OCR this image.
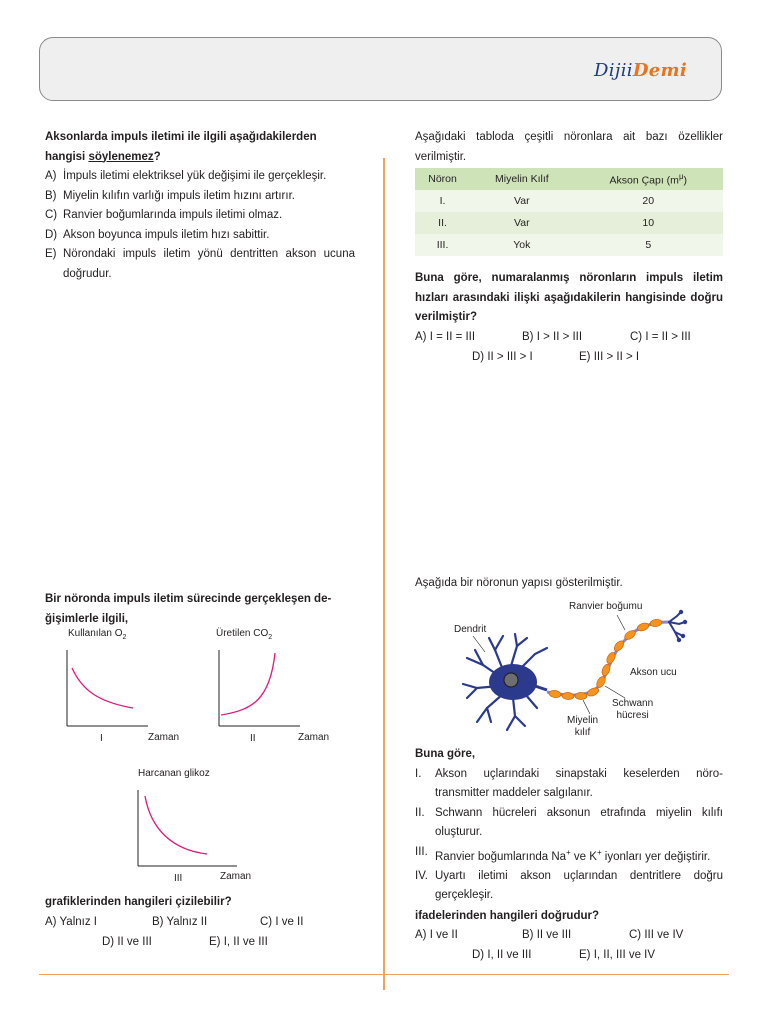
DijiiDemi
Aksonlarda impuls iletimi ile ilgili aşağıdakilerden
hangisi söylenemez?
A) İmpuls iletimi elektriksel yük değişimi ile gerçekleşir.
B) Miyelin kılıfın varlığı impuls iletim hızını artırır.
C) Ranvier boğumlarında impuls iletimi olmaz.
D) Akson boyunca impuls iletim hızı sabittir.
E) Nörondaki impuls iletim yönü dentritten akson ucuna doğrudur.
Aşağıdaki tabloda çeşitli nöronlara ait bazı özellikler verilmiştir.
Nöron	Miyelin Kılıf	Akson Çapı $(m^\mu)$
I.	Var	20
II.	Var	10
III.	Yok	5
Buna göre, numaralanmış nöronların impuls iletim hızları arasındaki ilişki aşağıdakilerin hangisinde doğru verilmiştir?
A) I = II = III	B) I > II > III	C) I = II > III
D) II > III > I	E) III > II > I
Bir nöronda impuls iletim sürecinde gerçekleşen de-
ğişimlerle ilgili,
Kullanılan $O_2$
I	Zaman
Üretilen $CO_2$
II	Zaman
Harcanan glikoz
III	Zaman
grafiklerinden hangileri çizilebilir?
A) Yalnız I	B) Yalnız II	C) I ve II
D) II ve III	E) I, II ve III
Aşağıda bir nöronun yapısı gösterilmiştir.
Dendrit
Ranvier boğumu
Akson ucu
Schwann
hücresi
Miyelin
kılıf
Buna göre,
I. Akson uçlarındaki sinapstaki keselerden nöro-transmitter maddeler salgılanır.
II. Schwann hücreleri aksonun etrafında miyelin kılıfı oluşturur.
III. Ranvier boğumlarında Na+ ve K+ iyonları yer değiştirir.
IV. Uyartı iletimi akson uçlarından dentritlere doğru gerçekleşir.
ifadelerinden hangileri doğrudur?
A) I ve II	B) II ve III	C) III ve IV
D) I, II ve III	E) I, II, III ve IV
